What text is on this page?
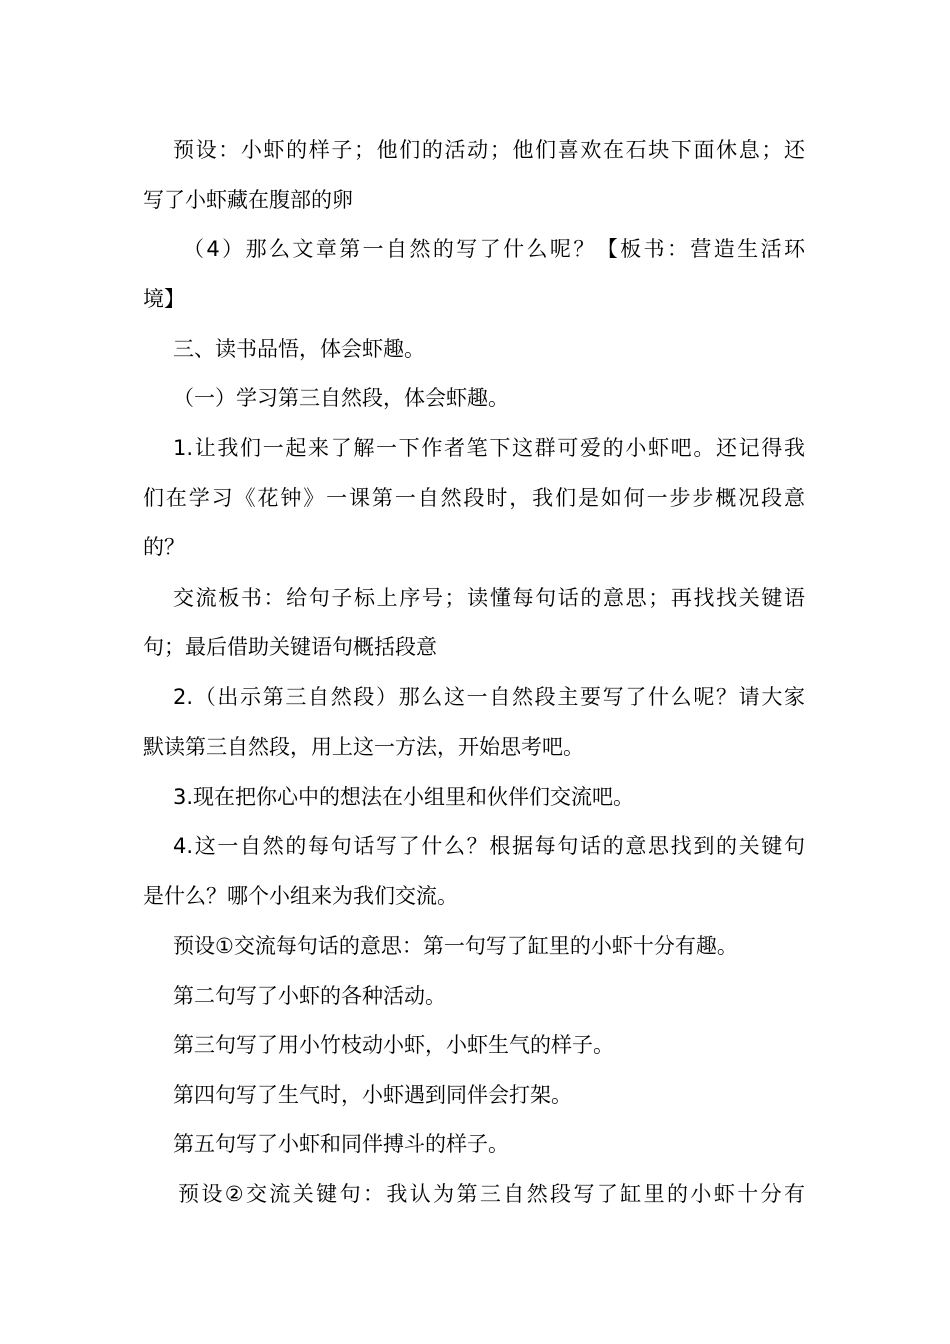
预设：小虾的样子；他们的活动；他们喜欢在石块下面休息；还
写了小虾藏在腹部的卵
（4）那么文章第一自然的写了什么呢？【板书：营造生活环
境】
三、读书品悟，体会虾趣。
（一）学习第三自然段，体会虾趣。
1.让我们一起来了解一下作者笔下这群可爱的小虾吧。还记得我
们在学习《花钟》一课第一自然段时，我们是如何一步步概况段意
的？
交流板书：给句子标上序号；读懂每句话的意思；再找找关键语
句；最后借助关键语句概括段意
2.（出示第三自然段）那么这一自然段主要写了什么呢？请大家
默读第三自然段，用上这一方法，开始思考吧。
3.现在把你心中的想法在小组里和伙伴们交流吧。
4.这一自然的每句话写了什么？根据每句话的意思找到的关键句
是什么？哪个小组来为我们交流。
预设①交流每句话的意思：第一句写了缸里的小虾十分有趣。
第二句写了小虾的各种活动。
第三句写了用小竹枝动小虾，小虾生气的样子。
第四句写了生气时，小虾遇到同伴会打架。
第五句写了小虾和同伴搏斗的样子。
预设②交流关键句：我认为第三自然段写了缸里的小虾十分有
